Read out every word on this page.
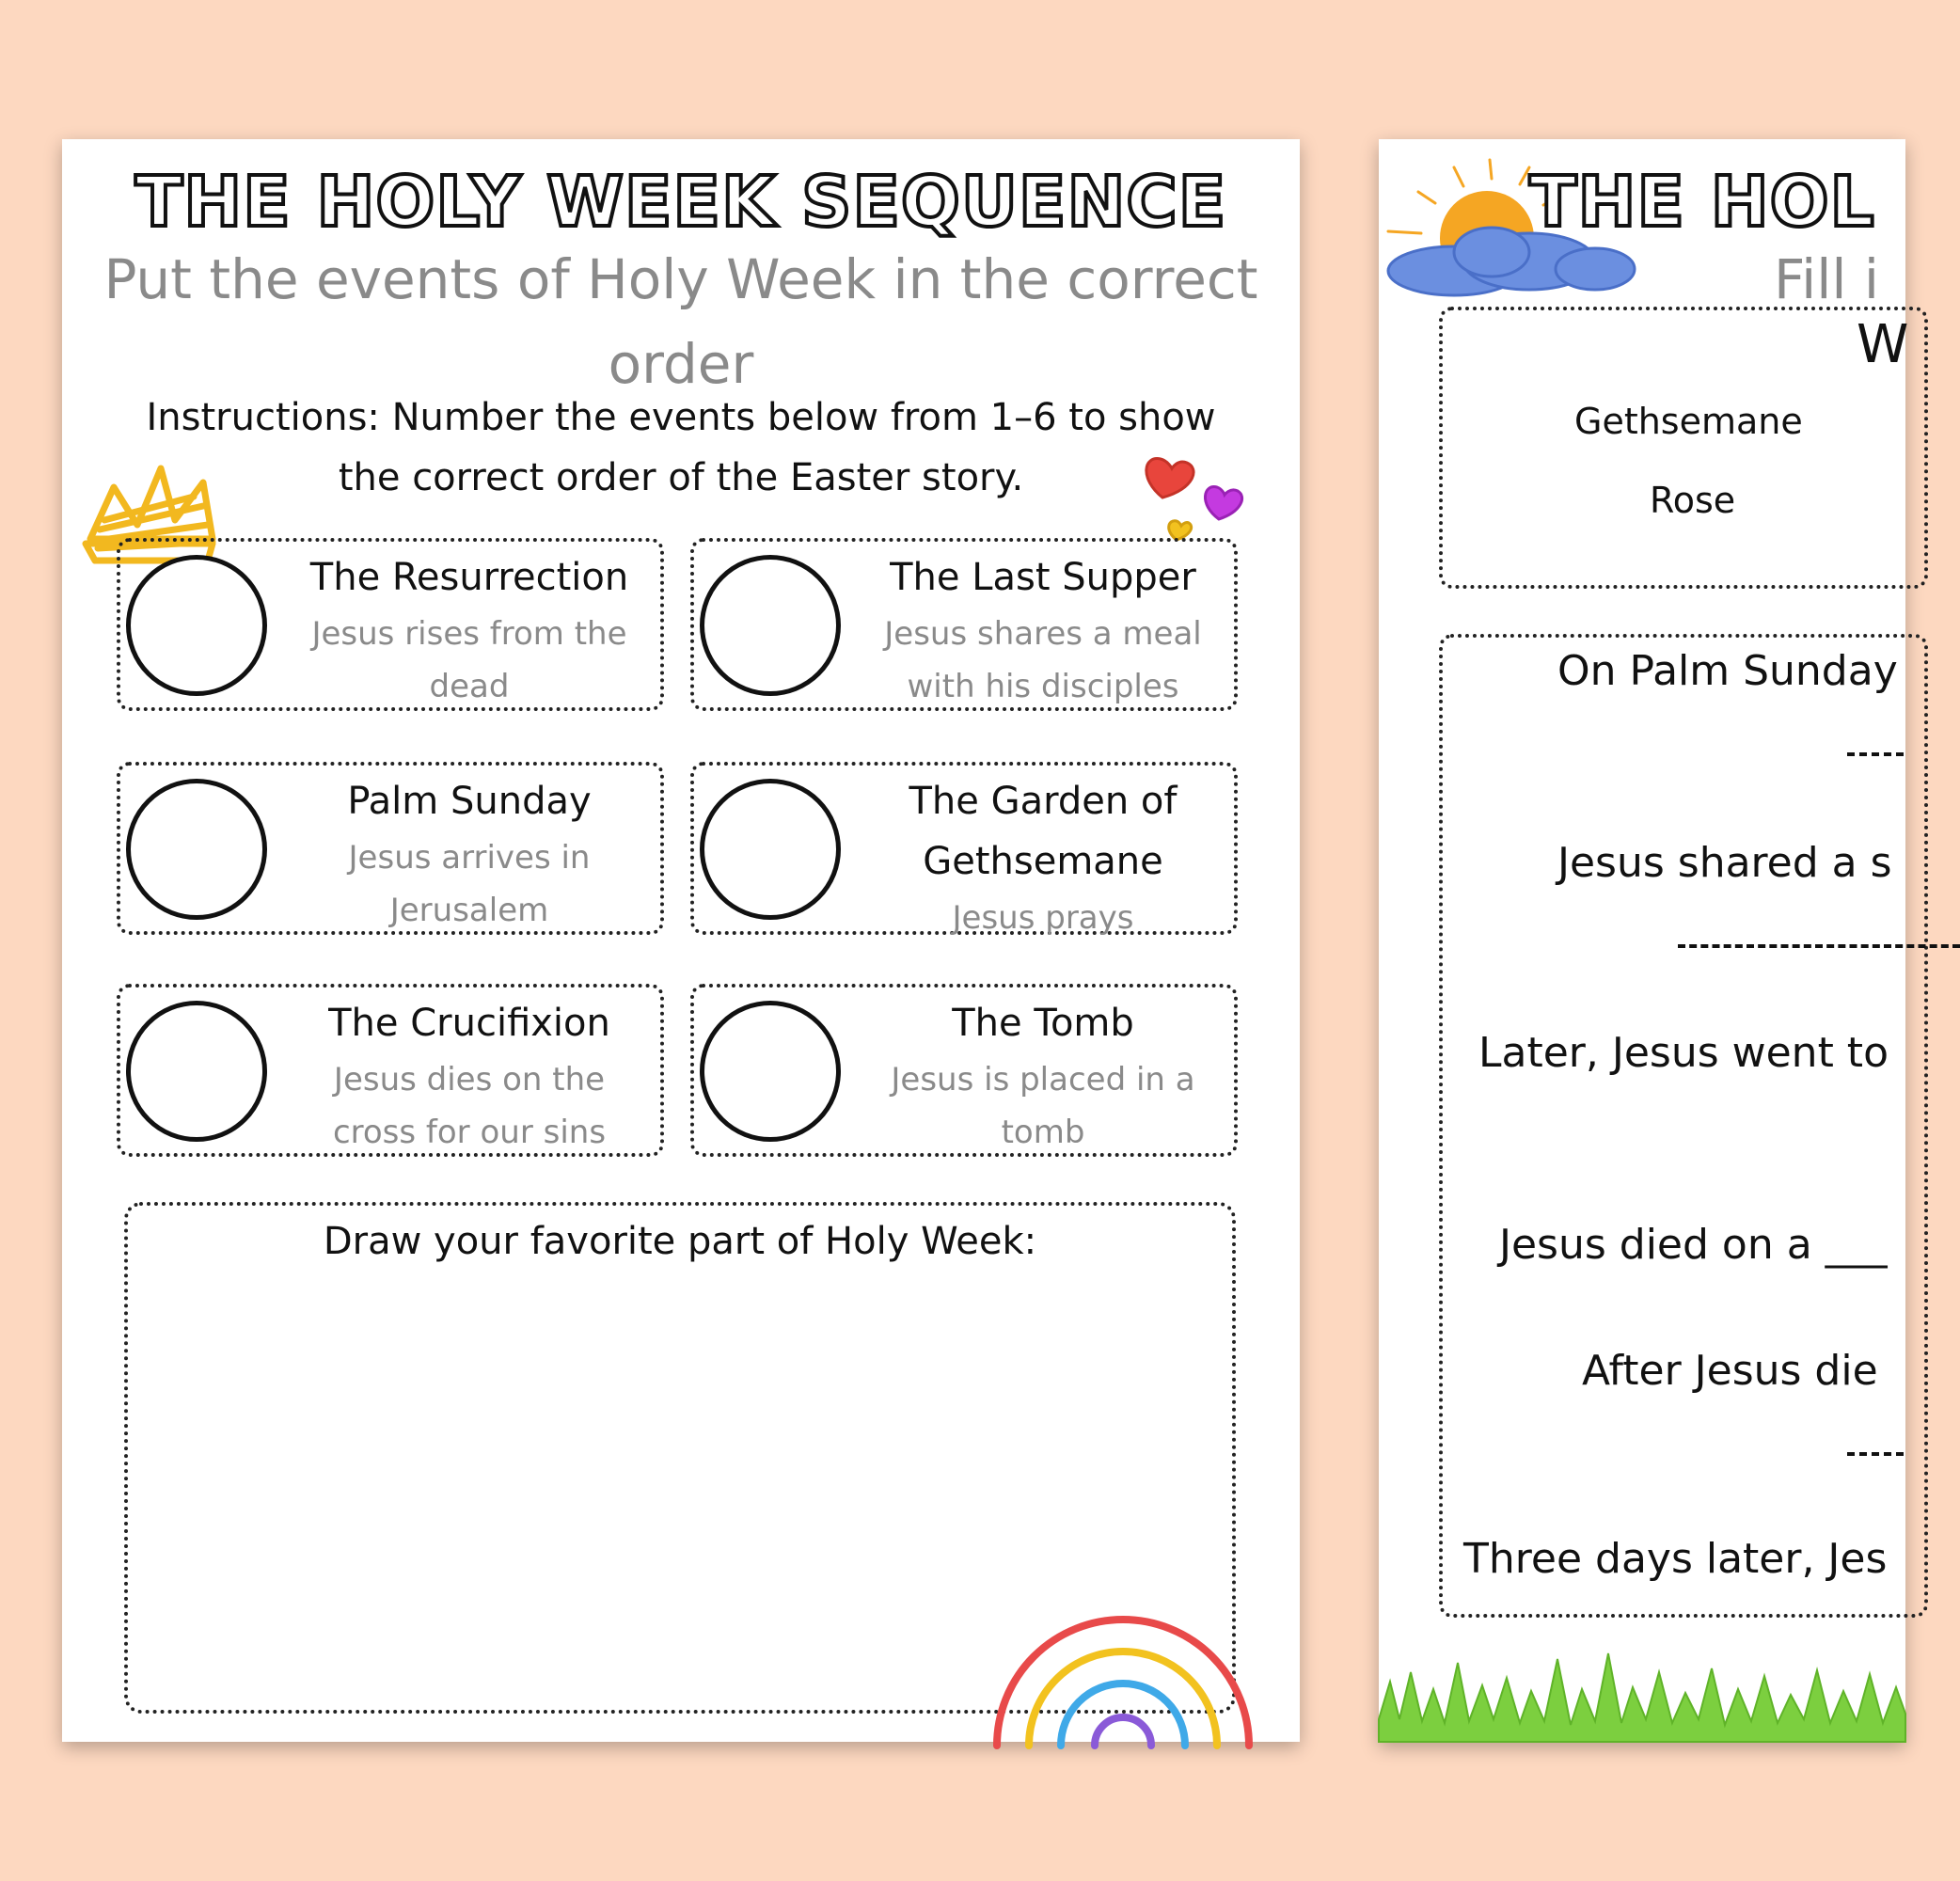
THE HOLY WEEK SEQUENCE
Put the events of Holy Week in the correct order
Instructions: Number the events below from 1–6 to show the correct order of the Easter story.
The Resurrection
Jesus rises from the dead
The Last Supper
Jesus shares a meal with his disciples
Palm Sunday
Jesus arrives in Jerusalem
The Garden of Gethsemane
Jesus prays
The Crucifixion
Jesus dies on the cross for our sins
The Tomb
Jesus is placed in a tomb
Draw your favorite part of Holy Week:
THE HOL
Fill i
W
Gethsemane
Rose
On Palm Sunday
Jesus shared a s
Later, Jesus went to
Jesus died on a ___
After Jesus die
Three days later, Jes
